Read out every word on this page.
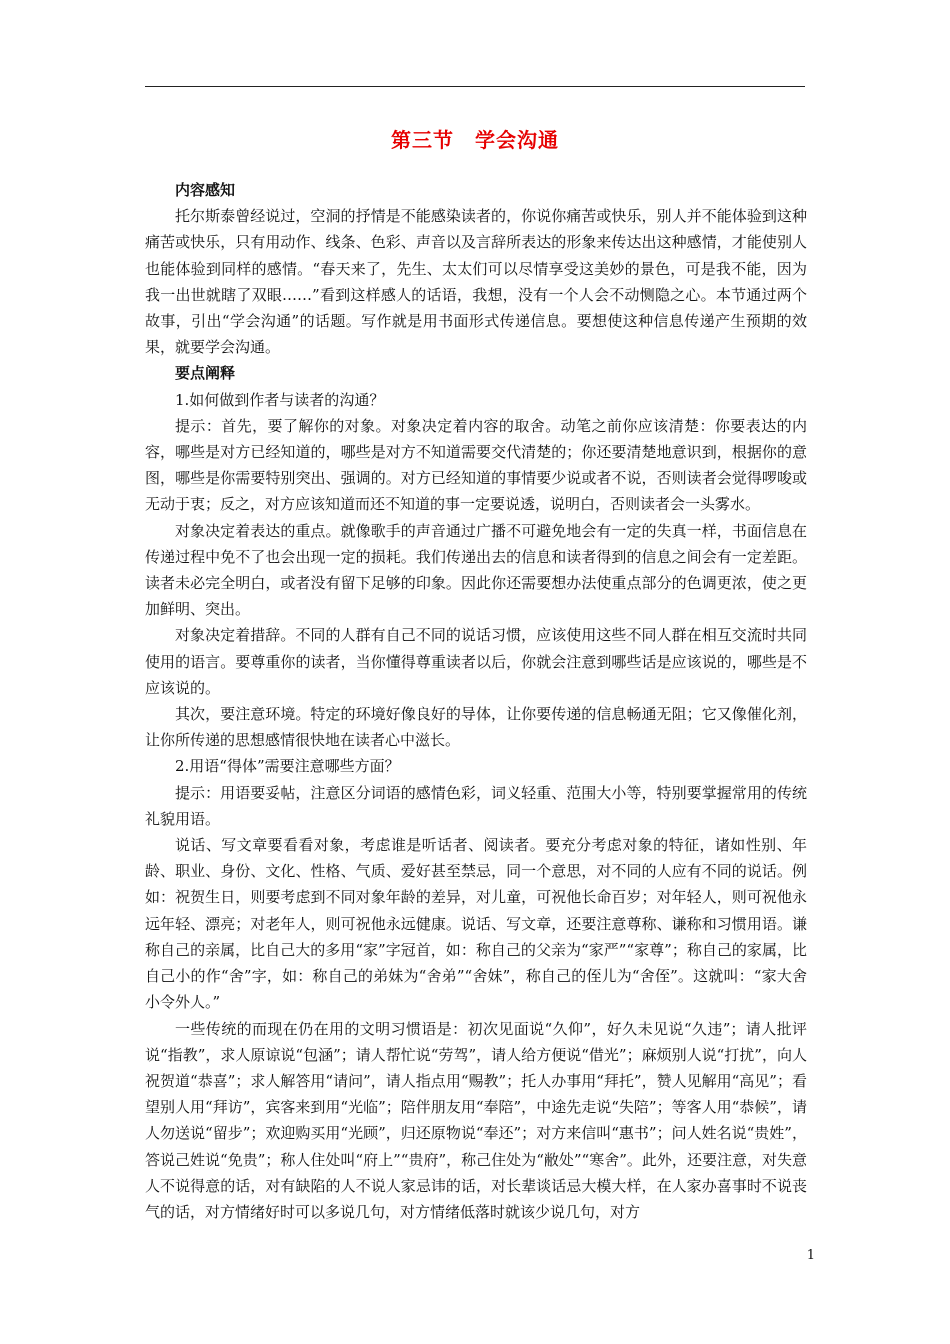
第三节　学会沟通
内容感知

托尔斯泰曾经说过，空洞的抒情是不能感染读者的，你说你痛苦或快乐，别人并不能体验到这种痛苦或快乐，只有用动作、线条、色彩、声音以及言辞所表达的形象来传达出这种感情，才能使别人也能体验到同样的感情。“春天来了，先生、太太们可以尽情享受这美妙的景色，可是我不能，因为我一出世就瞎了双眼……”看到这样感人的话语，我想，没有一个人会不动恻隐之心。本节通过两个故事，引出“学会沟通”的话题。写作就是用书面形式传递信息。要想使这种信息传递产生预期的效果，就要学会沟通。

要点阐释

1.如何做到作者与读者的沟通？

提示：首先，要了解你的对象。对象决定着内容的取舍。动笔之前你应该清楚：你要表达的内容，哪些是对方已经知道的，哪些是对方不知道需要交代清楚的；你还要清楚地意识到，根据你的意图，哪些是你需要特别突出、强调的。对方已经知道的事情要少说或者不说，否则读者会觉得啰唆或无动于衷；反之，对方应该知道而还不知道的事一定要说透，说明白，否则读者会一头雾水。

对象决定着表达的重点。就像歌手的声音通过广播不可避免地会有一定的失真一样，书面信息在传递过程中免不了也会出现一定的损耗。我们传递出去的信息和读者得到的信息之间会有一定差距。读者未必完全明白，或者没有留下足够的印象。因此你还需要想办法使重点部分的色调更浓，使之更加鲜明、突出。

对象决定着措辞。不同的人群有自己不同的说话习惯，应该使用这些不同人群在相互交流时共同使用的语言。要尊重你的读者，当你懂得尊重读者以后，你就会注意到哪些话是应该说的，哪些是不应该说的。

其次，要注意环境。特定的环境好像良好的导体，让你要传递的信息畅通无阻；它又像催化剂，让你所传递的思想感情很快地在读者心中滋长。

2.用语“得体”需要注意哪些方面？

提示：用语要妥帖，注意区分词语的感情色彩，词义轻重、范围大小等，特别要掌握常用的传统礼貌用语。

说话、写文章要看看对象，考虑谁是听话者、阅读者。要充分考虑对象的特征，诸如性别、年龄、职业、身份、文化、性格、气质、爱好甚至禁忌，同一个意思，对不同的人应有不同的说话。例如：祝贺生日，则要考虑到不同对象年龄的差异，对儿童，可祝他长命百岁；对年轻人，则可祝他永远年轻、漂亮；对老年人，则可祝他永远健康。说话、写文章，还要注意尊称、谦称和习惯用语。谦称自己的亲属，比自己大的多用“家”字冠首，如：称自己的父亲为“家严”“家尊”；称自己的家属，比自己小的作“舍”字，如：称自己的弟妹为“舍弟”“舍妹”，称自己的侄儿为“舍侄”。这就叫：“家大舍小令外人。”

一些传统的而现在仍在用的文明习惯语是：初次见面说“久仰”，好久未见说“久违”；请人批评说“指教”，求人原谅说“包涵”；请人帮忙说“劳驾”，请人给方便说“借光”；麻烦别人说“打扰”，向人祝贺道“恭喜”；求人解答用“请问”，请人指点用“赐教”；托人办事用“拜托”，赞人见解用“高见”；看望别人用“拜访”，宾客来到用“光临”；陪伴朋友用“奉陪”，中途先走说“失陪”；等客人用“恭候”，请人勿送说“留步”；欢迎购买用“光顾”，归还原物说“奉还”；对方来信叫“惠书”；问人姓名说“贵姓”，答说己姓说“免贵”；称人住处叫“府上”“贵府”，称己住处为“敝处”“寒舍”。此外，还要注意，对失意人不说得意的话，对有缺陷的人不说人家忌讳的话，对长辈谈话忌大模大样，在人家办喜事时不说丧气的话，对方情绪好时可以多说几句，对方情绪低落时就该少说几句，对方

1
